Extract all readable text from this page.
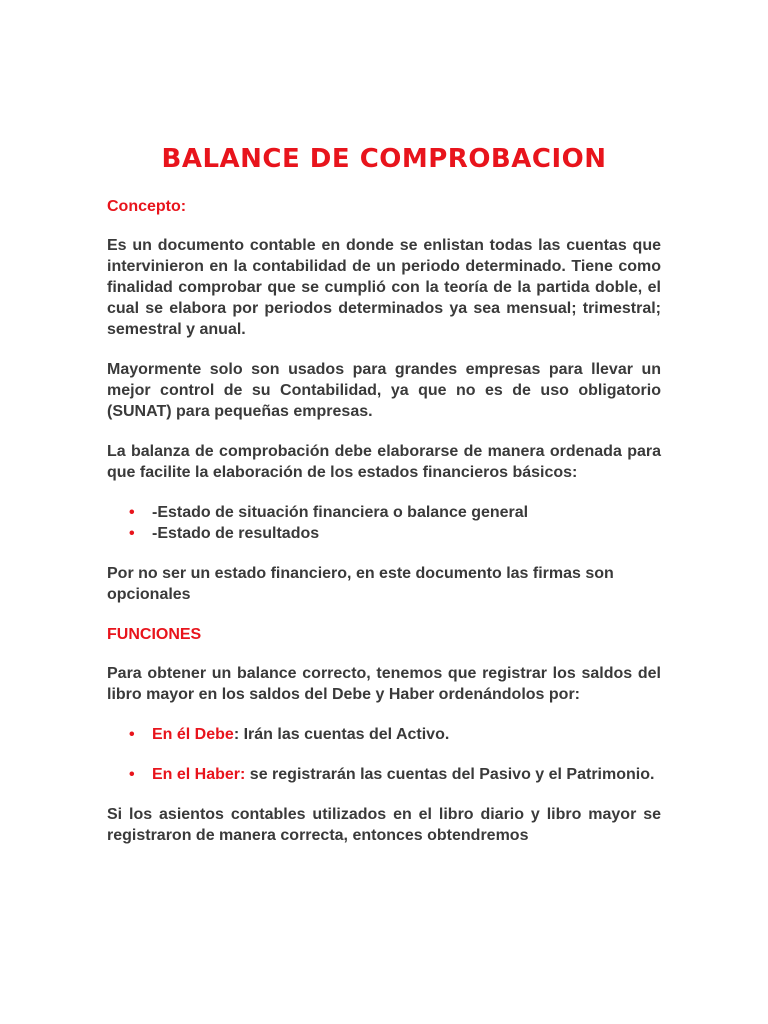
BALANCE DE COMPROBACION
Concepto:

Es un documento contable en donde se enlistan todas las cuentas que intervinieron en la contabilidad de un periodo determinado. Tiene como finalidad comprobar que se cumplió con la teoría de la partida doble, el cual se elabora por periodos determinados ya sea mensual; trimestral; semestral y anual.

Mayormente solo son usados para grandes empresas para llevar un mejor control de su Contabilidad, ya que no es de uso obligatorio (SUNAT) para pequeñas empresas.

La balanza de comprobación debe elaborarse de manera ordenada para que facilite la elaboración de los estados financieros básicos:

• -Estado de situación financiera o balance general
• -Estado de resultados

Por no ser un estado financiero, en este documento las firmas son opcionales

FUNCIONES

Para obtener un balance correcto, tenemos que registrar los saldos del libro mayor en los saldos del Debe y Haber ordenándolos por:

• En él Debe: Irán las cuentas del Activo.
• En el Haber: se registrarán las cuentas del Pasivo y el Patrimonio.

Si los asientos contables utilizados en el libro diario y libro mayor se registraron de manera correcta, entonces obtendremos
